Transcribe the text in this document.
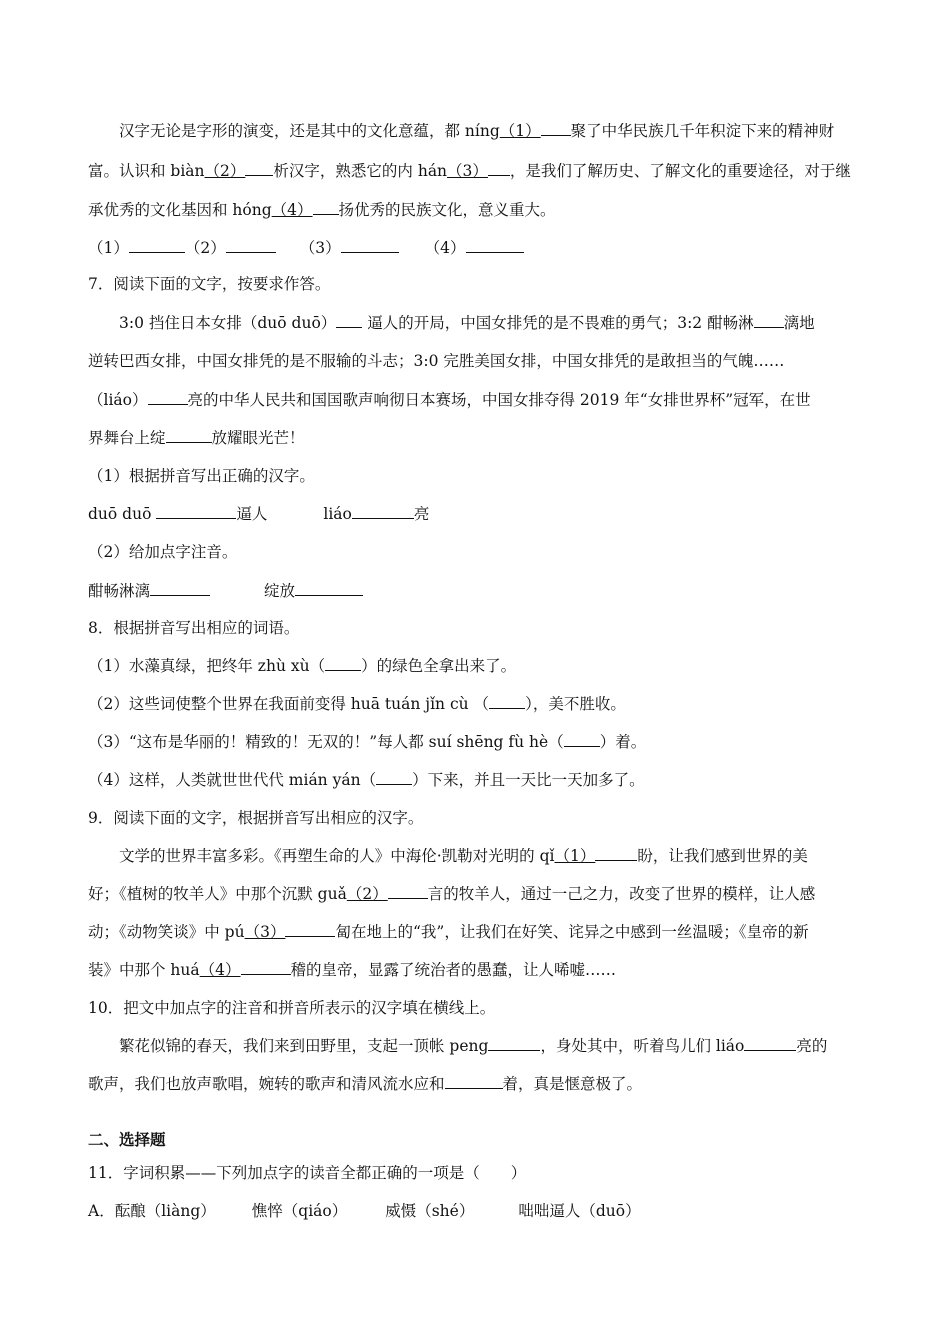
汉字无论是字形的演变，还是其中的文化意蕴，都 níng（1） 聚了中华民族几千年积淀下来的精神财
富。认识和 biàn（2） 析汉字，熟悉它的内 hán（3） ，是我们了解历史、了解文化的重要途径，对于继
承优秀的文化基因和 hóng（4） 扬优秀的民族文化，意义重大。
（1）	（2）	（3）	（4）
7．阅读下面的文字，按要求作答。
3:0 挡住日本女排（duō duō） 逼人的开局，中国女排凭的是不畏难的勇气；3:2 酣畅淋 漓地
逆转巴西女排，中国女排凭的是不服输的斗志；3:0 完胜美国女排，中国女排凭的是敢担当的气魄……
（liáo）	亮的中华人民共和国国歌声响彻日本赛场，中国女排夺得 2019 年“女排世界杯”冠军，在世
界舞台上绽	放耀眼光芒！
（1）根据拼音写出正确的汉字。
duō duō	逼人	liáo	亮
（2）给加点字注音。
酣畅淋漓	绽放
8．根据拼音写出相应的词语。
（1）水藻真绿，把终年 zhù xù（ ）的绿色全拿出来了。
（2）这些词使整个世界在我面前变得 huā tuán jǐn cù （ ），美不胜收。
（3）“这布是华丽的！精致的！无双的！”每人都 suí shēng fù hè（ ）着。
（4）这样，人类就世世代代 mián yán（ ）下来，并且一天比一天加多了。
9．阅读下面的文字，根据拼音写出相应的汉字。
文学的世界丰富多彩。《再塑生命的人》中海伦·凯勒对光明的 qǐ（1）	盼，让我们感到世界的美
好；《植树的牧羊人》中那个沉默 guǎ（2）	言的牧羊人，通过一己之力，改变了世界的模样，让人感
动；《动物笑谈》中 pú（3）	匐在地上的“我”，让我们在好笑、诧异之中感到一丝温暖；《皇帝的新
装》中那个 huá（4）	稽的皇帝，显露了统治者的愚蠢，让人唏嘘……
10．把文中加点字的注音和拼音所表示的汉字填在横线上。
繁花似锦的春天，我们来到田野里，支起一顶帐 peng	，身处其中，听着鸟儿们 liáo	亮的
歌声，我们也放声歌唱，婉转的歌声和清风流水应和	着，真是惬意极了。
二、选择题
11．字词积累——下列加点字的读音全都正确的一项是（　　）
A．酝酿（liàng） 憔悴（qiáo） 威慑（shé）	咄咄逼人（duō）
